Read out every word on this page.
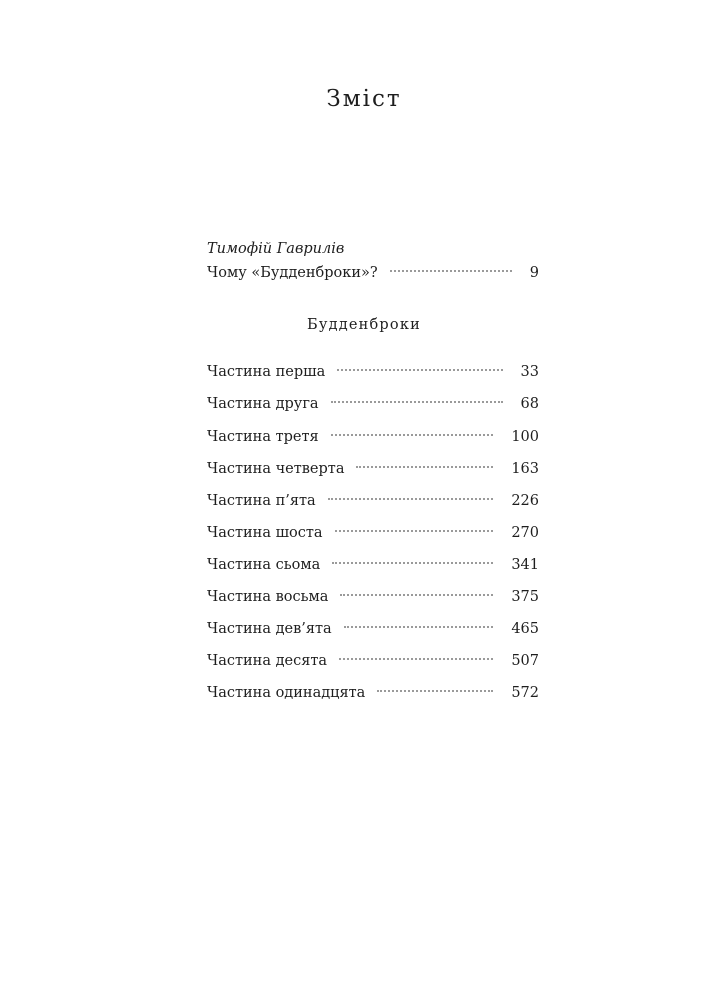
Зміст
Тимофій Гаврилів
Чому «Будденброки»?	9
Будденброки
Частина перша	33
Частина друга	68
Частина третя	100
Частина четверта	163
Частина п’ята	226
Частина шоста	270
Частина сьома	341
Частина восьма	375
Частина дев’ята	465
Частина десята	507
Частина одинадцята	572
